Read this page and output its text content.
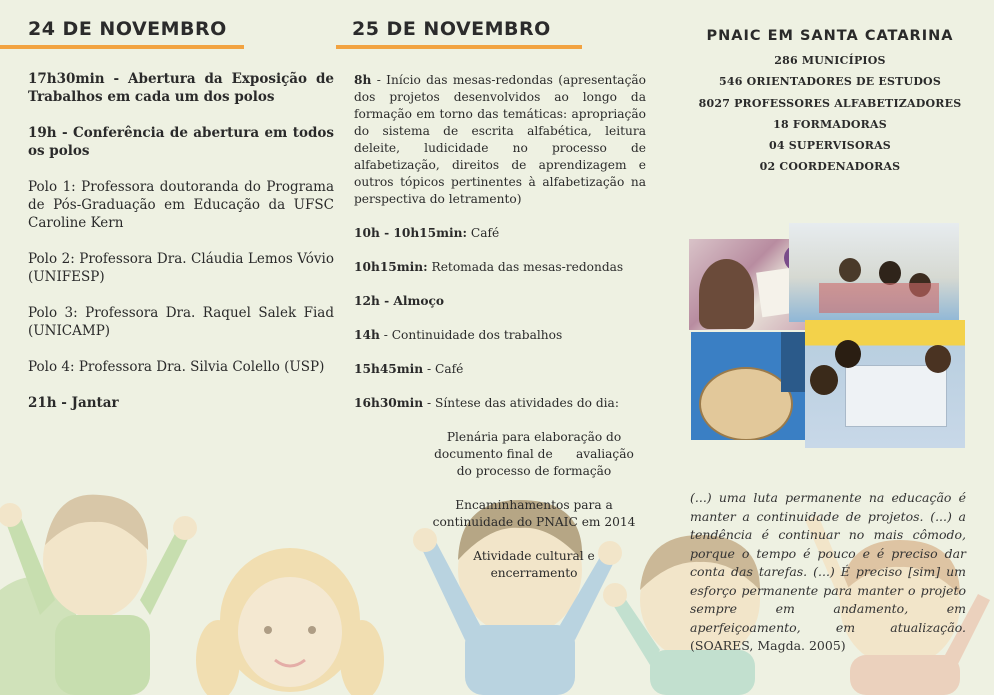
24 DE NOVEMBRO

17h30min - Abertura da Exposição de Trabalhos em cada um dos polos

19h - Conferência de abertura em todos os polos

Polo 1: Professora doutoranda do Programa de Pós-Graduação em Educação da UFSC Caroline Kern

Polo 2: Professora Dra. Cláudia Lemos Vóvio (UNIFESP)

Polo 3: Professora Dra. Raquel Salek Fiad (UNICAMP)

Polo 4: Professora Dra. Silvia Colello (USP)

21h - Jantar

25 DE NOVEMBRO

8h - Início das mesas-redondas (apresentação dos projetos desenvolvidos ao longo da formação em torno das temáticas: apropriação do sistema de escrita alfabética, leitura deleite, ludicidade no processo de alfabetização, direitos de aprendizagem e outros tópicos pertinentes à alfabetização na perspectiva do letramento)

10h - 10h15min: Café

10h15min: Retomada das mesas-redondas

12h - Almoço

14h - Continuidade dos trabalhos

15h45min - Café

16h30min - Síntese das atividades do dia:

Plenária para elaboração do documento final de      avaliação do processo de formação

Encaminhamentos para a continuidade do PNAIC em 2014

Atividade cultural e encerramento

PNAIC EM SANTA CATARINA
286 MUNICÍPIOS
546 ORIENTADORES DE ESTUDOS
8027 PROFESSORES ALFABETIZADORES
18 FORMADORAS
04 SUPERVISORAS
02 COORDENADORAS
(...) uma luta permanente na educação é manter a continuidade de projetos. (...) a tendência é continuar no mais cômodo, porque o tempo é pouco e é preciso dar conta das tarefas. (...) É preciso [sim] um esforço permanente para manter o projeto sempre em andamento, em aperfeiçoamento, em atualização. (SOARES, Magda. 2005)
